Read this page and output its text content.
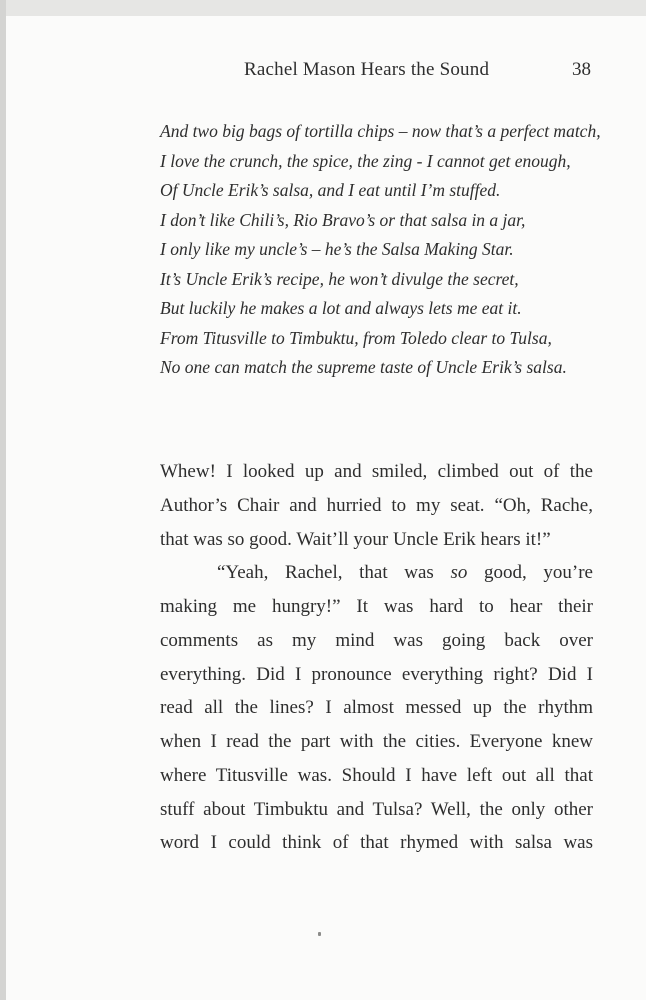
Rachel Mason Hears the Sound	38
And two big bags of tortilla chips – now that’s a perfect match,
I love the crunch, the spice, the zing - I cannot get enough,
Of Uncle Erik’s salsa, and I eat until I’m stuffed.
I don’t like Chili’s, Rio Bravo’s or that salsa in a jar,
I only like my uncle’s – he’s the Salsa Making Star.
It’s Uncle Erik’s recipe, he won’t divulge the secret,
But luckily he makes a lot and always lets me eat it.
From Titusville to Timbuktu, from Toledo clear to Tulsa,
No one can match the supreme taste of Uncle Erik’s salsa.
Whew! I looked up and smiled, climbed out of the
Author’s Chair and hurried to my seat. “Oh, Rache,
that was so good. Wait’ll your Uncle Erik hears it!”
“Yeah, Rachel, that was so good, you’re
making me hungry!” It was hard to hear their
comments as my mind was going back over
everything. Did I pronounce everything right? Did I
read all the lines? I almost messed up the rhythm
when I read the part with the cities. Everyone knew
where Titusville was. Should I have left out all that
stuff about Timbuktu and Tulsa? Well, the only other
word I could think of that rhymed with salsa was
